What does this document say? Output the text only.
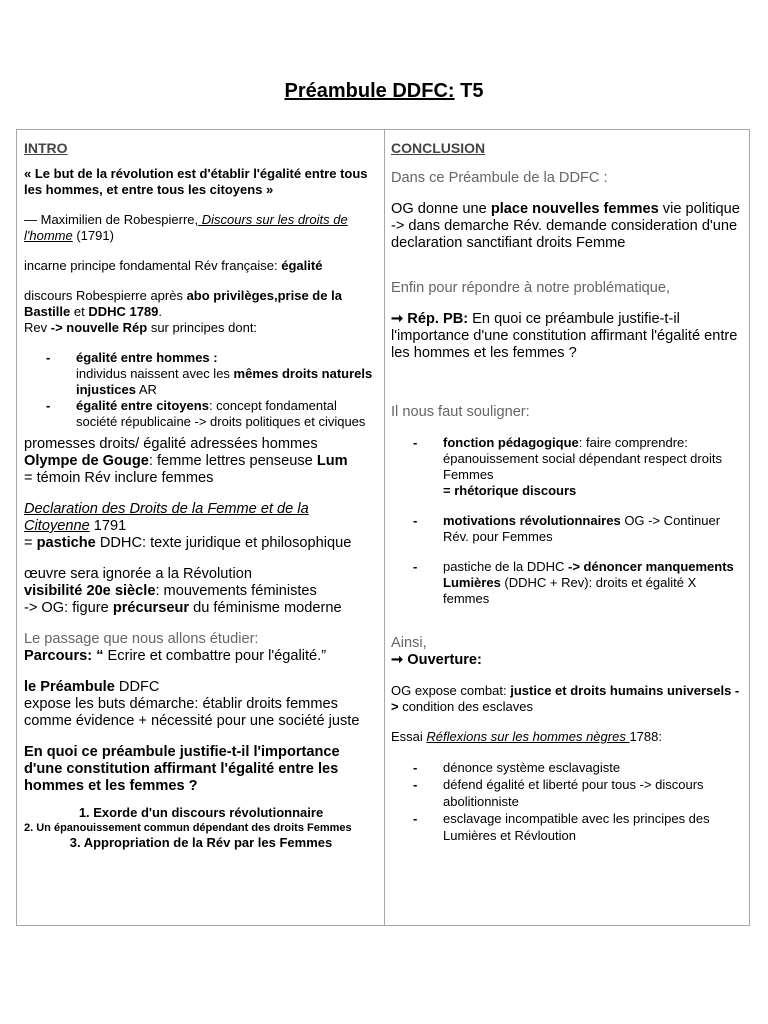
Préambule DDFC: T5

INTRO

« Le but de la révolution est d'établir l'égalité entre tous les hommes, et entre tous les citoyens »

— Maximilien de Robespierre, Discours sur les droits de l'homme (1791)

incarne principe fondamental Rév française: égalité

discours Robespierre après abo privilèges,prise de la Bastille et DDHC 1789.

Rev -> nouvelle Rép sur principes dont:

- égalité entre hommes :
individus naissent avec les mêmes droits naturels injustices AR
- égalité entre citoyens: concept fondamental société républicaine -> droits politiques et civiques

promesses droits/ égalité adressées hommes

Olympe de Gouge: femme lettres penseuse Lum

= témoin Rév inclure femmes

Declaration des Droits de la Femme et de la Citoyenne 1791

= pastiche DDHC: texte juridique et philosophique

œuvre sera ignorée a la Révolution

visibilité 20e siècle: mouvements féministes

-> OG: figure précurseur du féminisme moderne

Le passage que nous allons étudier:

Parcours: “ Ecrire et combattre pour l'égalité.”

le Préambule DDFC

expose les buts démarche: établir droits femmes

comme évidence + nécessité pour une société juste

En quoi ce préambule justifie-t-il l'importance d'une constitution affirmant l'égalité entre les hommes et les femmes ?

1. Exorde d'un discours révolutionnaire

2. Un épanouissement commun dépendant des droits Femmes

3. Appropriation de la Rév par les Femmes

CONCLUSION

Dans ce Préambule de la DDFC :

OG donne une place nouvelles femmes vie politique -> dans demarche Rév. demande consideration d'une declaration sanctifiant droits Femme

Enfin pour répondre à notre problématique,

➞ Rép. PB: En quoi ce préambule justifie-t-il l'importance d'une constitution affirmant l'égalité entre les hommes et les femmes ?

Il nous faut souligner:

- fonction pédagogique: faire comprendre: épanouissement social dépendant respect droits Femmes
= rhétorique discours
- motivations révolutionnaires OG -> Continuer Rév. pour Femmes
- pastiche de la DDHC -> dénoncer manquements Lumières (DDHC + Rev): droits et égalité X femmes

Ainsi,

➞ Ouverture:

OG expose combat: justice et droits humains universels -> condition des esclaves

Essai Réflexions sur les hommes nègres 1788:

- dénonce système esclavagiste
- défend égalité et liberté pour tous -> discours abolitionniste
- esclavage incompatible avec les principes des Lumières et Révloution
